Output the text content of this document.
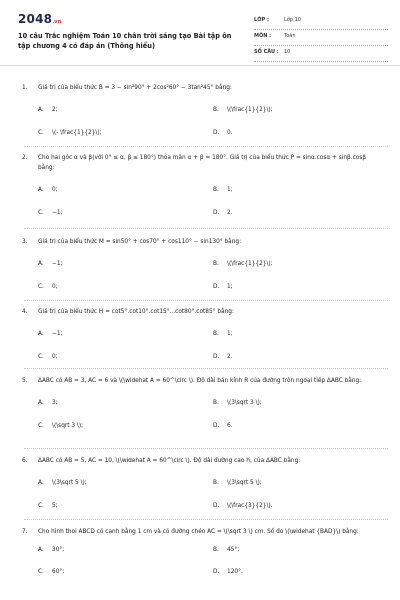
2048.vn
10 câu Trắc nghiệm Toán 10 chân trời sáng tạo Bài tập ôn tập chương 4 có đáp án (Thông hiểu)
LỚP :	Lớp 10
MÔN :	Toán
SỐ CÂU : 10
1. Giá trị của biểu thức B = 3 − sin²90° + 2cos²60° − 3tan²45° bằng:
A. 2;	B. \(\frac{1}{2}\);
C. \(- \frac{1}{2}\);	D. 0.
2. Cho hai góc α và β(với 0° ≤ α, β ≤ 180°) thỏa mãn α + β = 180°. Giá trị của biểu thức P = sinα.cosα + sinβ.cosβ bằng:
A. 0;	B. 1;
C. −1;	D. 2.
3. Giá trị của biểu thức M = sin50° + cos70° + cos110° − sin130° bằng:
A. −1;	B. \(\frac{1}{2}\);
C. 0;	D. 1;
4. Giá trị của biểu thức H = cot5°.cot10°.cot15°...cot80°.cot85° bằng:
A. −1;	B. 1;
C. 0;	D. 2.
5. ΔABC có AB = 3, AC = 6 và \(\widehat A = 60^\circ \). Độ dài bán kính R của đường tròn ngoại tiếp ΔABC bằng:
A. 3;	B. \(3\sqrt 3 \);
C. \(\sqrt 3 \);	D. 6.
6. ΔABC có AB = 5, AC = 10, \(\widehat A = 60^\circ \). Độ dài đường cao h꜀ của ΔABC bằng:
A. \(3\sqrt 5 \);	B. \(3\sqrt 5 \);
C. 5;	D. \(\frac{3}{2}\).
7. Cho hình thoi ABCD có cạnh bằng 1 cm và có đường chéo AC = \(\sqrt 3 \) cm. Số đo \(\widehat {BAD}\) bằng:
A. 30°;	B. 45°;
C. 60°;	D. 120°.
